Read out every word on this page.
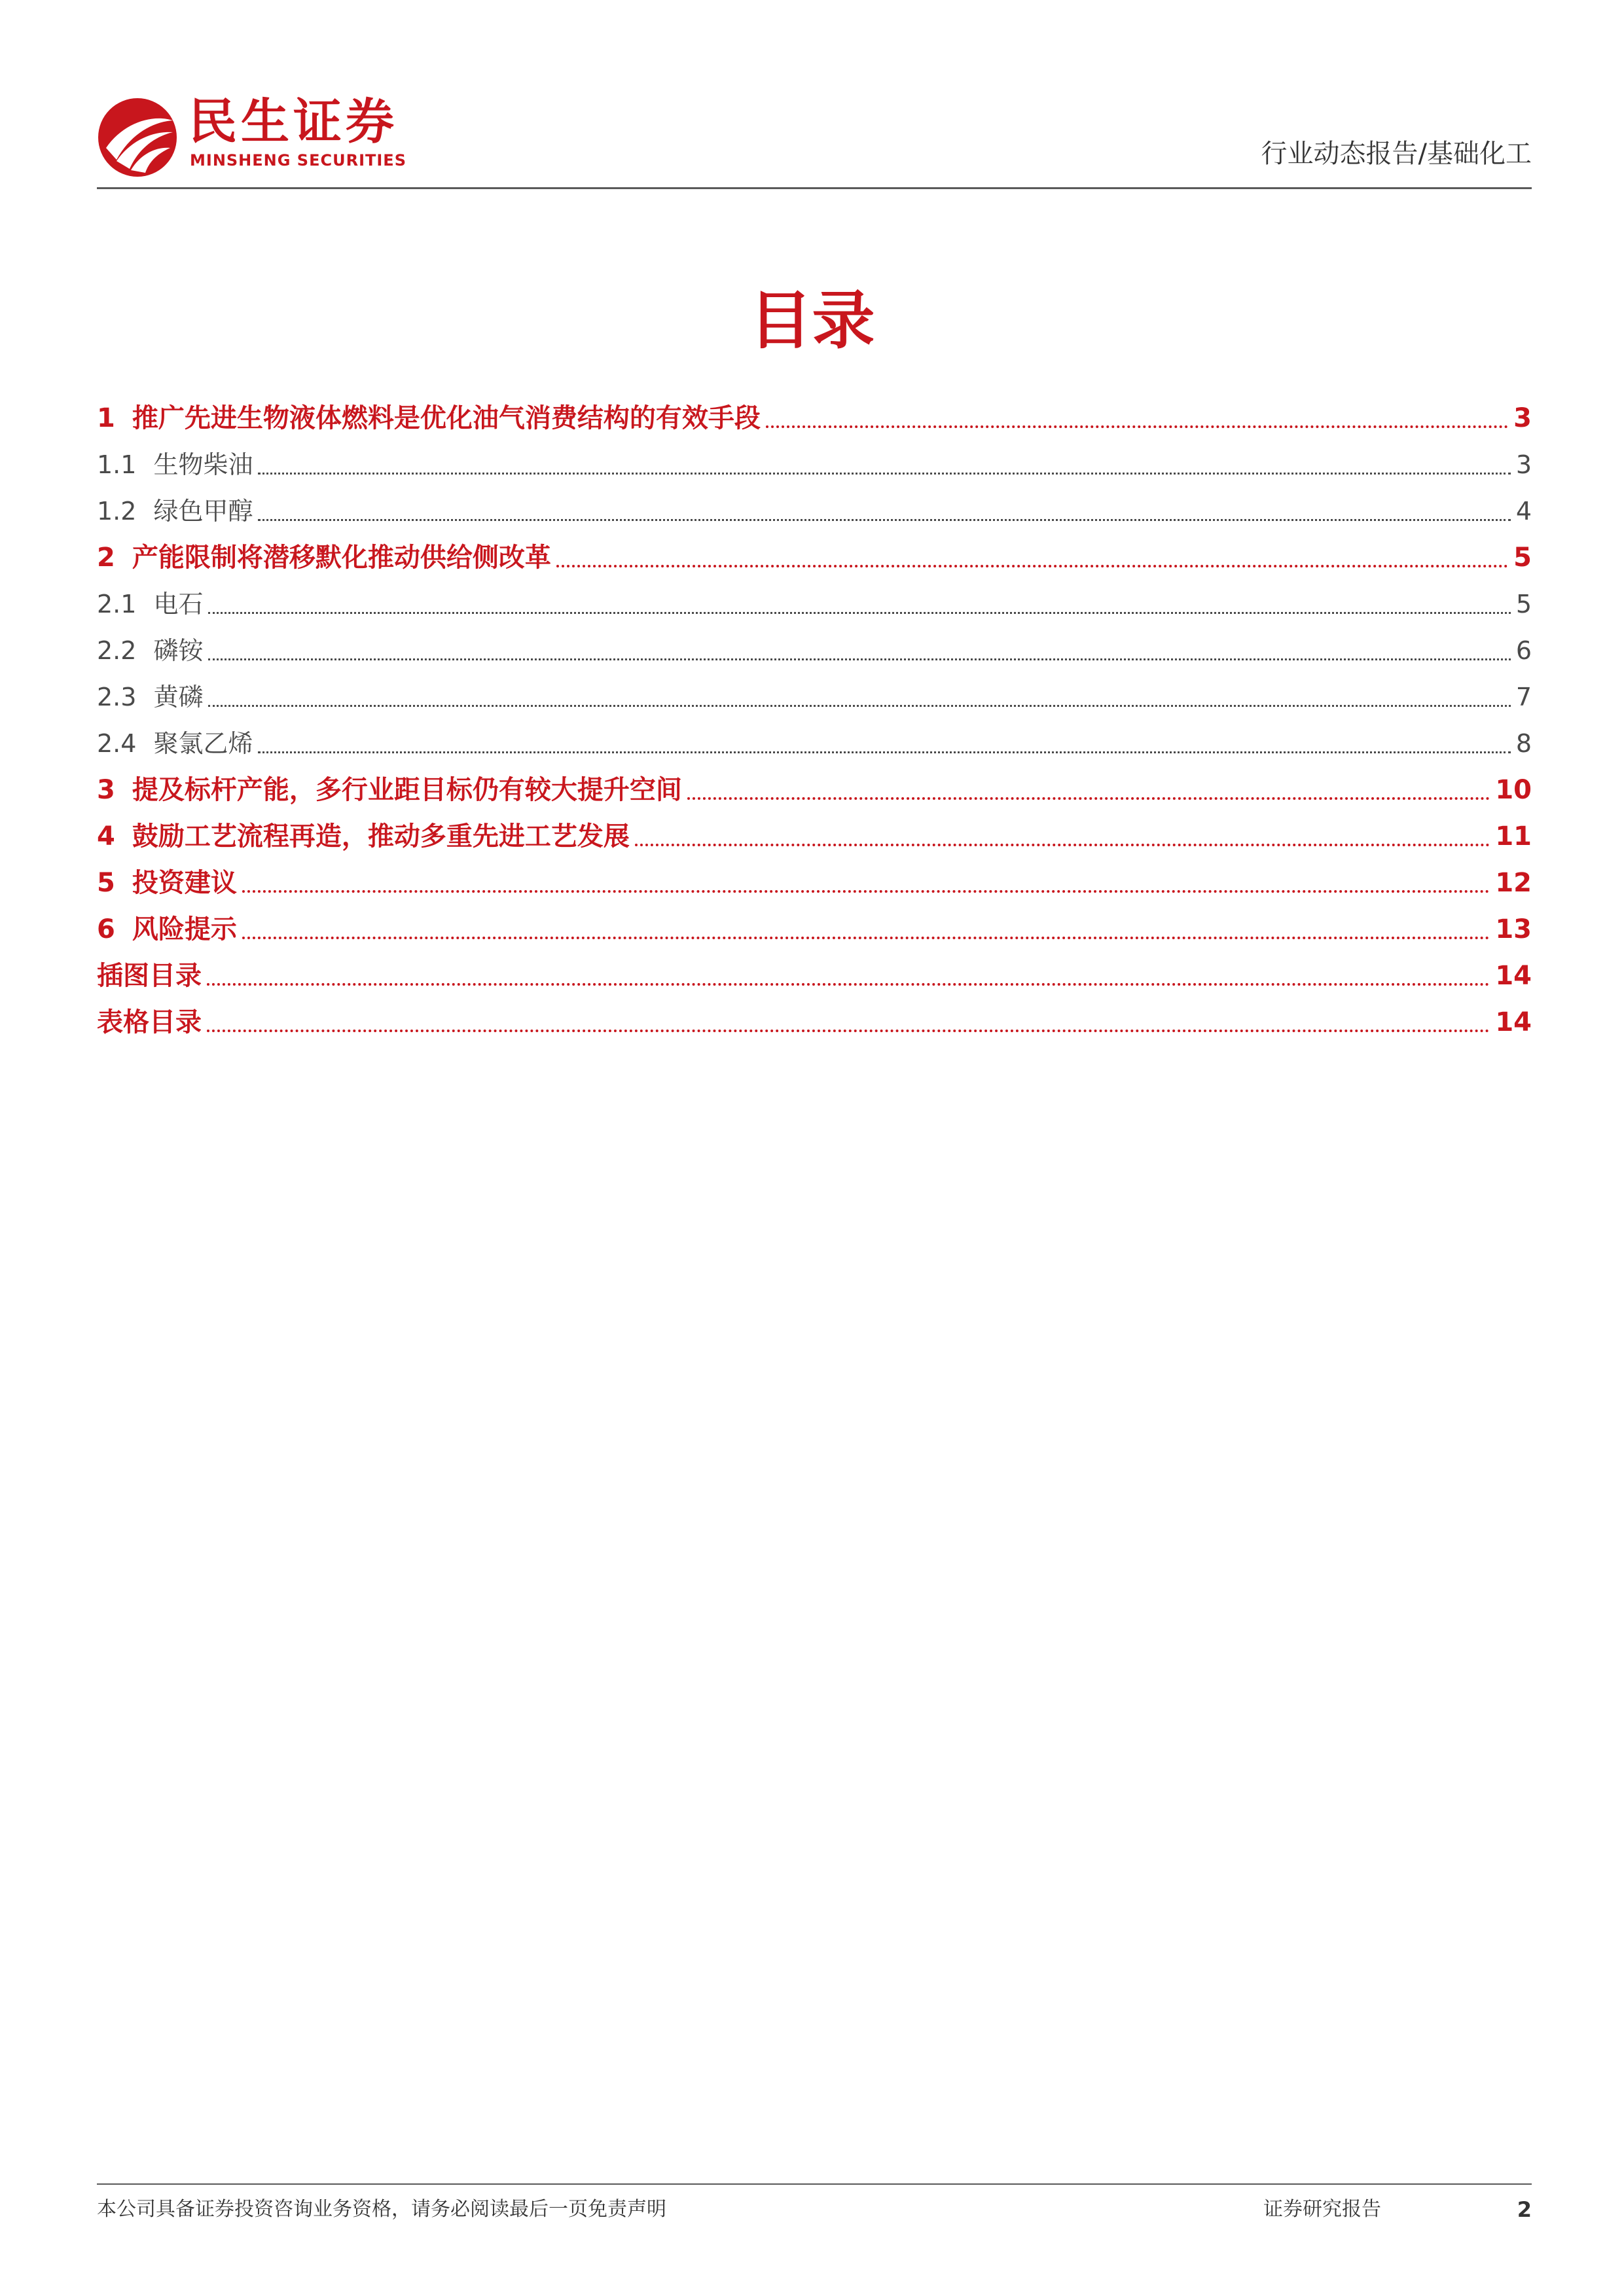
民生证券
MINSHENG SECURITIES	行业动态报告/基础化工
目录
1 推广先进生物液体燃料是优化油气消费结构的有效手段	3
1.1 生物柴油	3
1.2 绿色甲醇	4
2 产能限制将潜移默化推动供给侧改革	5
2.1 电石	5
2.2 磷铵	6
2.3 黄磷	7
2.4 聚氯乙烯	8
3 提及标杆产能，多行业距目标仍有较大提升空间	10
4 鼓励工艺流程再造，推动多重先进工艺发展	11
5 投资建议	12
6 风险提示	13
插图目录	14
表格目录	14
本公司具备证券投资咨询业务资格，请务必阅读最后一页免责声明	证券研究报告	2
